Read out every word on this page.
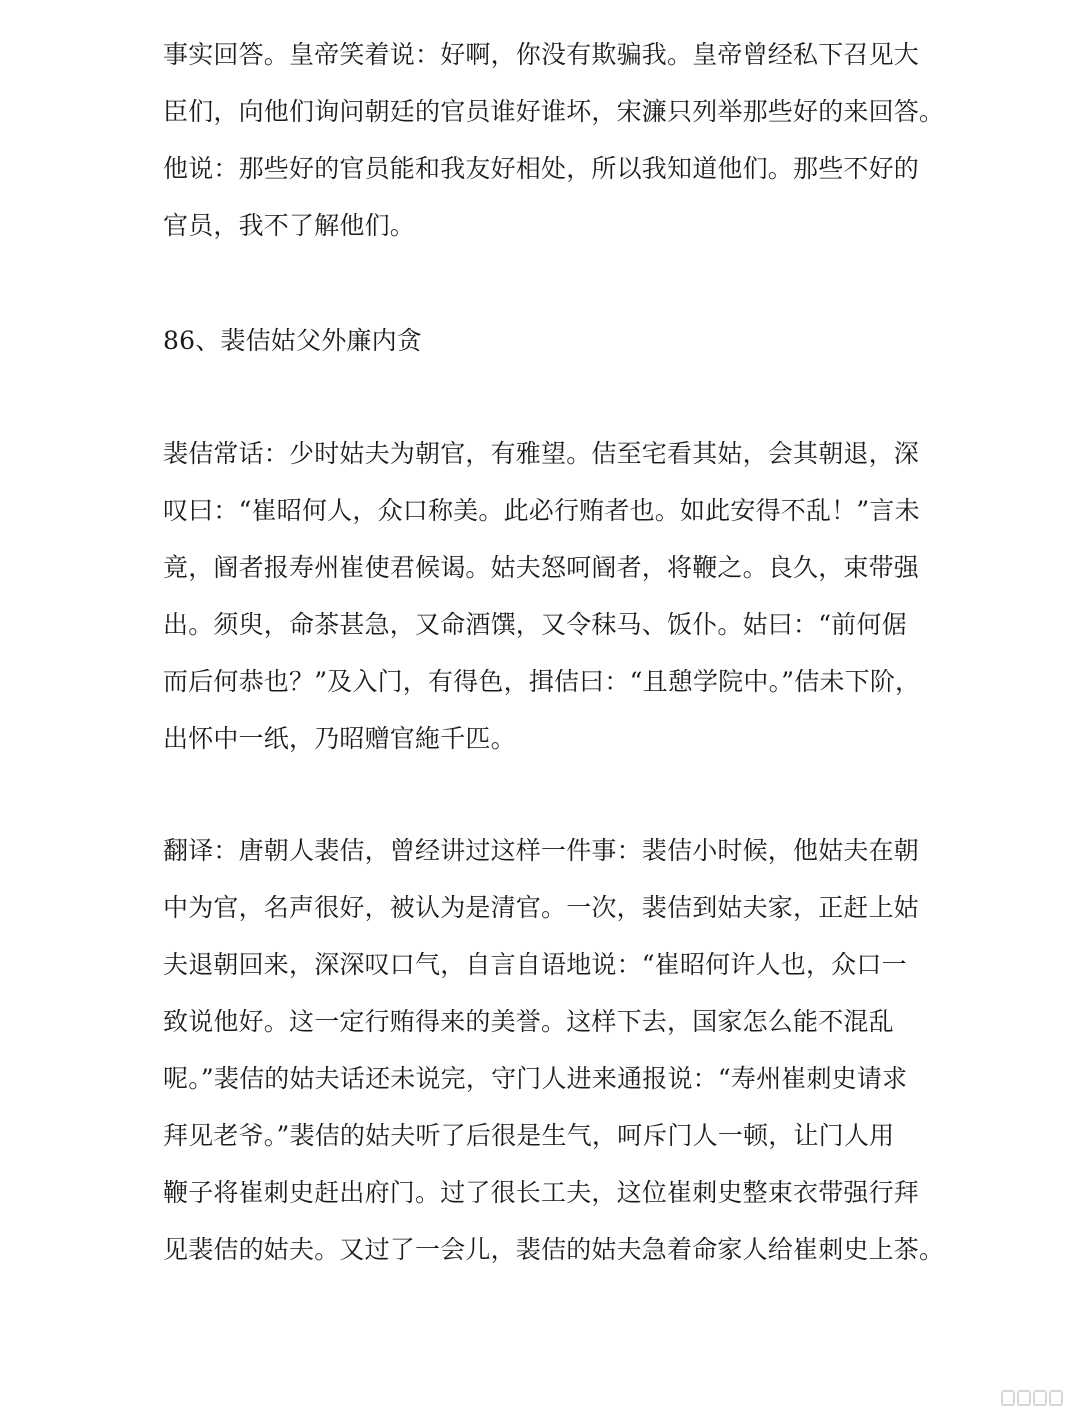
事实回答。皇帝笑着说：好啊，你没有欺骗我。皇帝曾经私下召见大
臣们，向他们询问朝廷的官员谁好谁坏，宋濂只列举那些好的来回答。
他说：那些好的官员能和我友好相处，所以我知道他们。那些不好的
官员，我不了解他们。

86、裴佶姑父外廉内贪

裴佶常话：少时姑夫为朝官，有雅望。佶至宅看其姑，会其朝退，深
叹曰：“崔昭何人，众口称美。此必行贿者也。如此安得不乱！”言未
竟，阍者报寿州崔使君候谒。姑夫怒呵阍者，将鞭之。良久，束带强
出。须臾，命茶甚急，又命酒馔，又令秣马、饭仆。姑曰：“前何倨
而后何恭也？”及入门，有得色，揖佶曰：“且憩学院中。”佶未下阶，
出怀中一纸，乃昭赠官絁千匹。

翻译：唐朝人裴佶，曾经讲过这样一件事：裴佶小时候，他姑夫在朝
中为官，名声很好，被认为是清官。一次，裴佶到姑夫家，正赶上姑
夫退朝回来，深深叹口气，自言自语地说：“崔昭何许人也，众口一
致说他好。这一定行贿得来的美誉。这样下去，国家怎么能不混乱
呢。”裴佶的姑夫话还未说完，守门人进来通报说：“寿州崔刺史请求
拜见老爷。”裴佶的姑夫听了后很是生气，呵斥门人一顿，让门人用
鞭子将崔刺史赶出府门。过了很长工夫，这位崔刺史整束衣带强行拜
见裴佶的姑夫。又过了一会儿，裴佶的姑夫急着命家人给崔刺史上茶。
